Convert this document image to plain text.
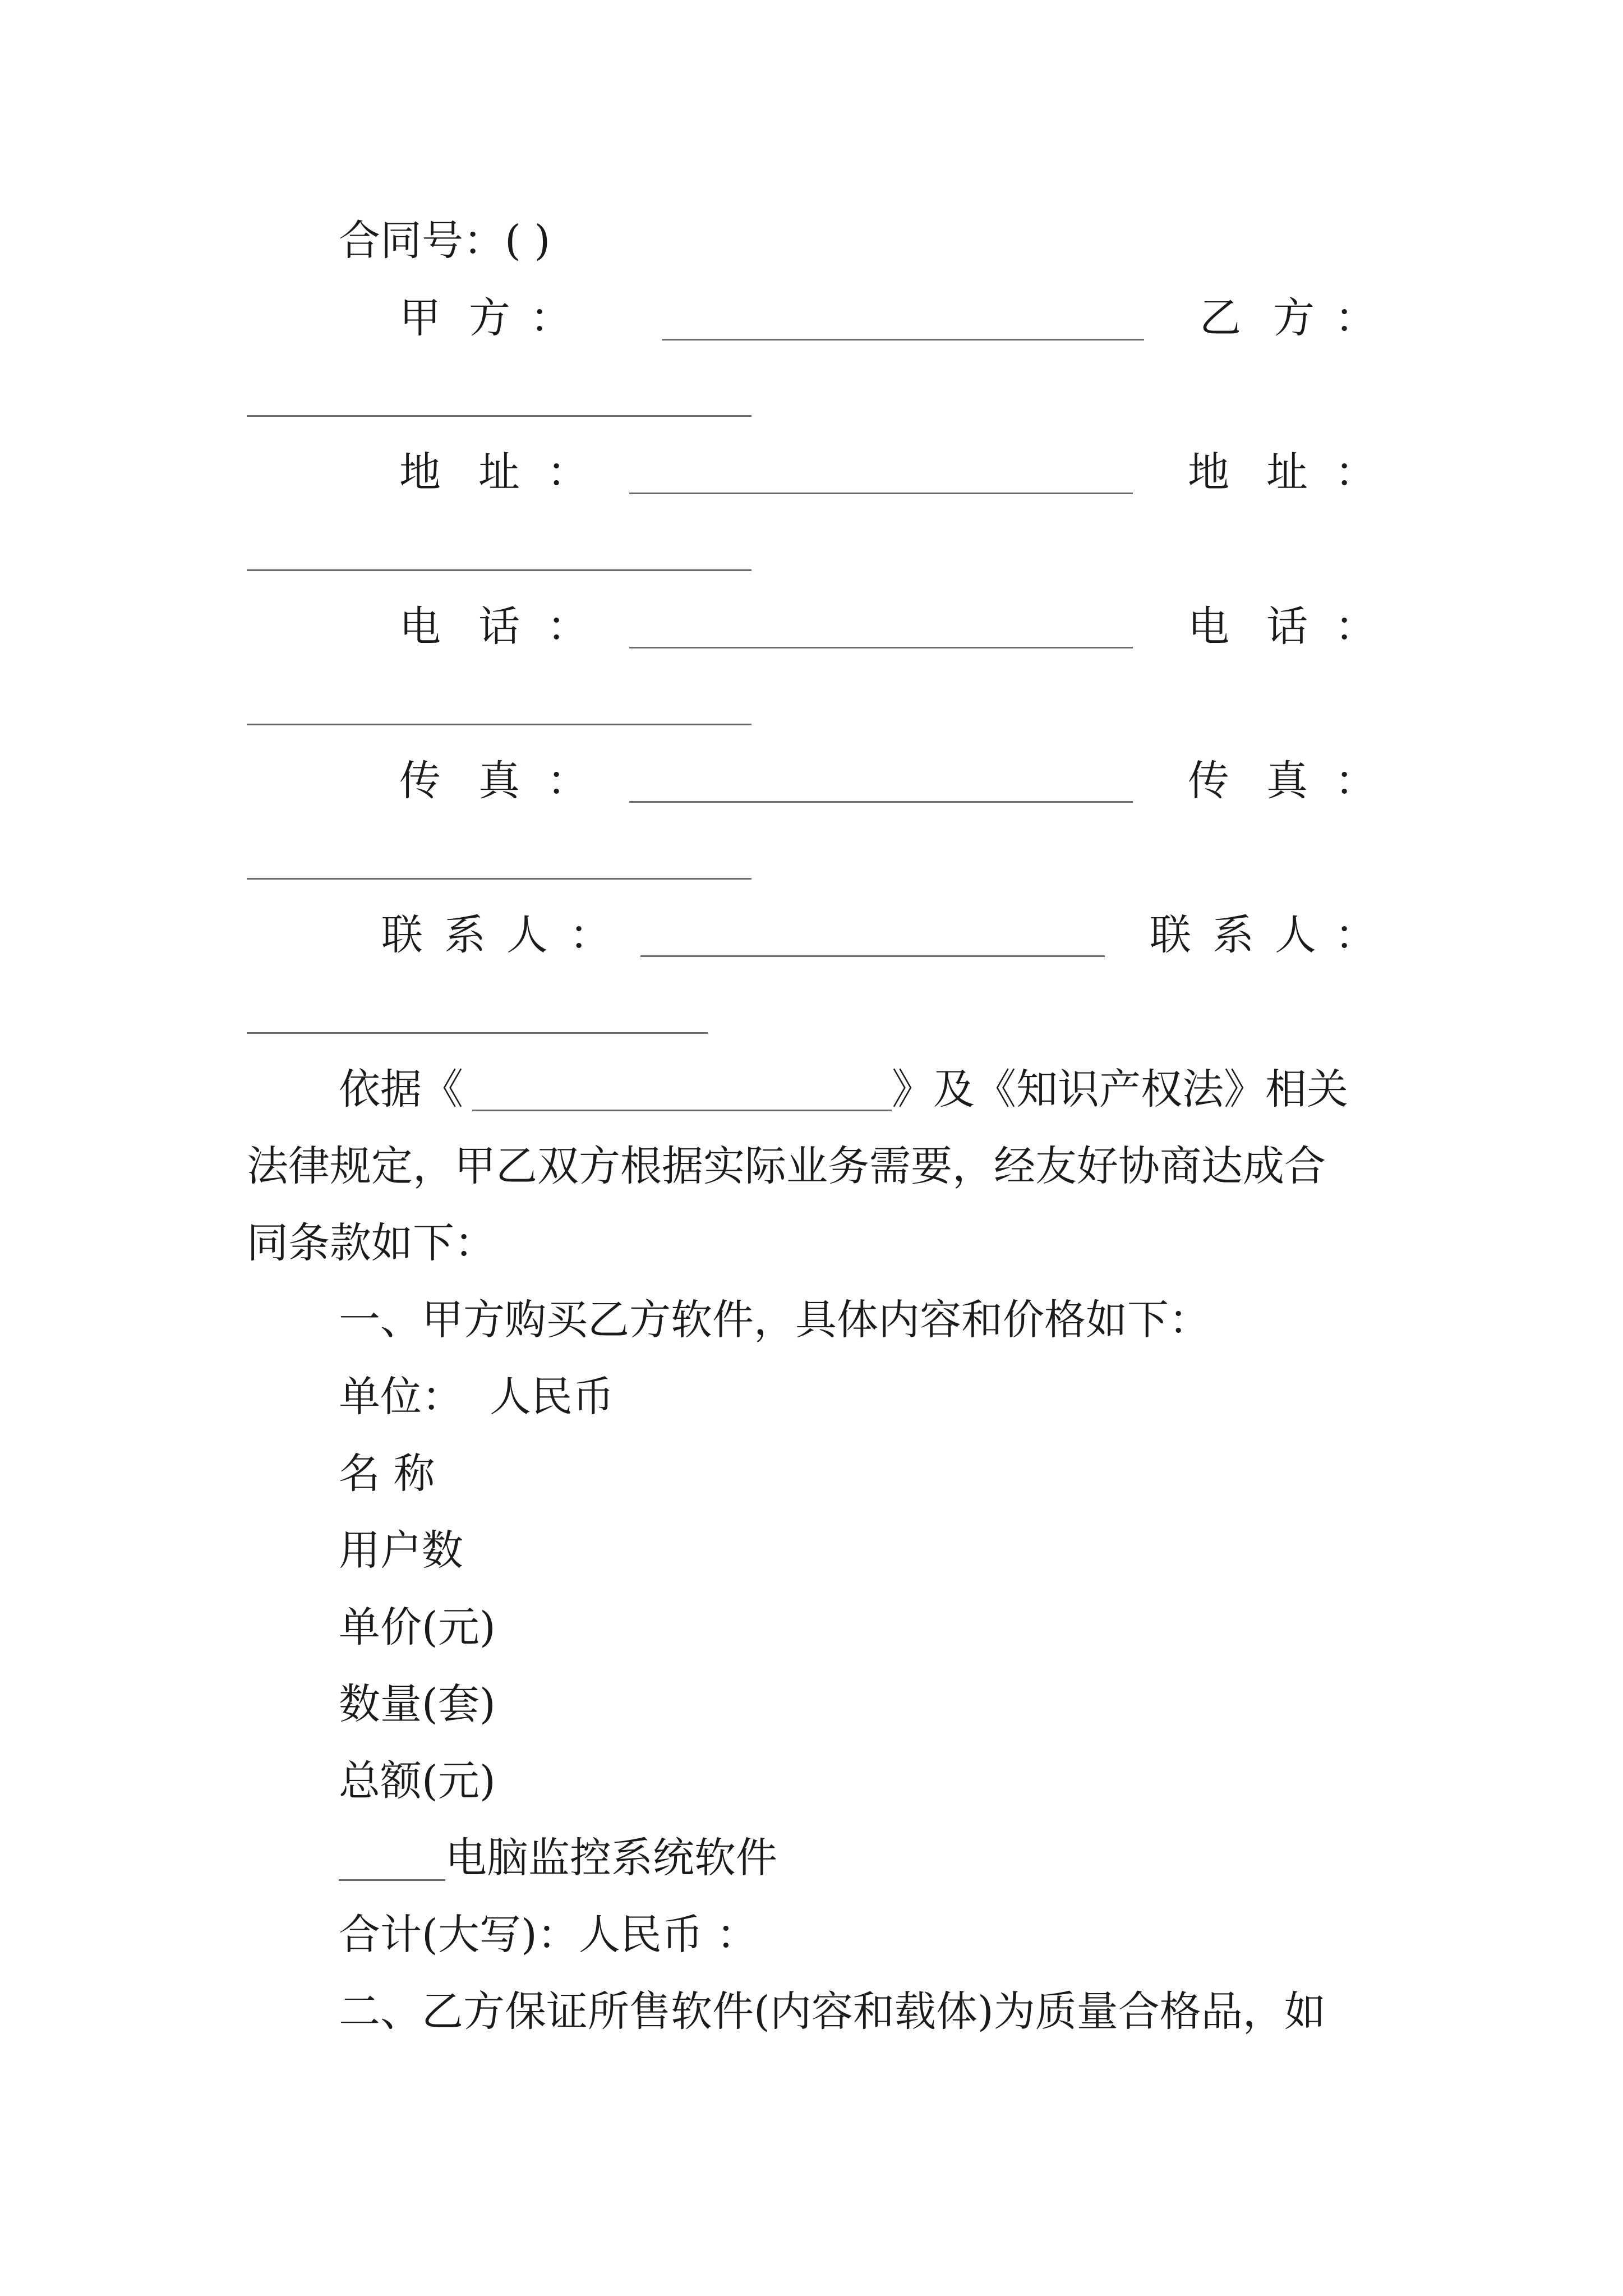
合同号：( )
甲 方 ：	乙 方 ：
地 址 ：	地 址 ：
电 话 ：	电 话 ：
传 真 ：	传 真 ：
联 系 人 ：	联 系 人 ：
依据《	》及《知识产权法》相关
法律规定，甲乙双方根据实际业务需要，经友好协商达成合
同条款如下：
一、甲方购买乙方软件，具体内容和价格如下：
单位：  人民币
名 称
用户数
单价(元)
数量(套)
总额(元)
电脑监控系统软件
合计(大写)：人民币 ：
二、乙方保证所售软件(内容和载体)为质量合格品，如
